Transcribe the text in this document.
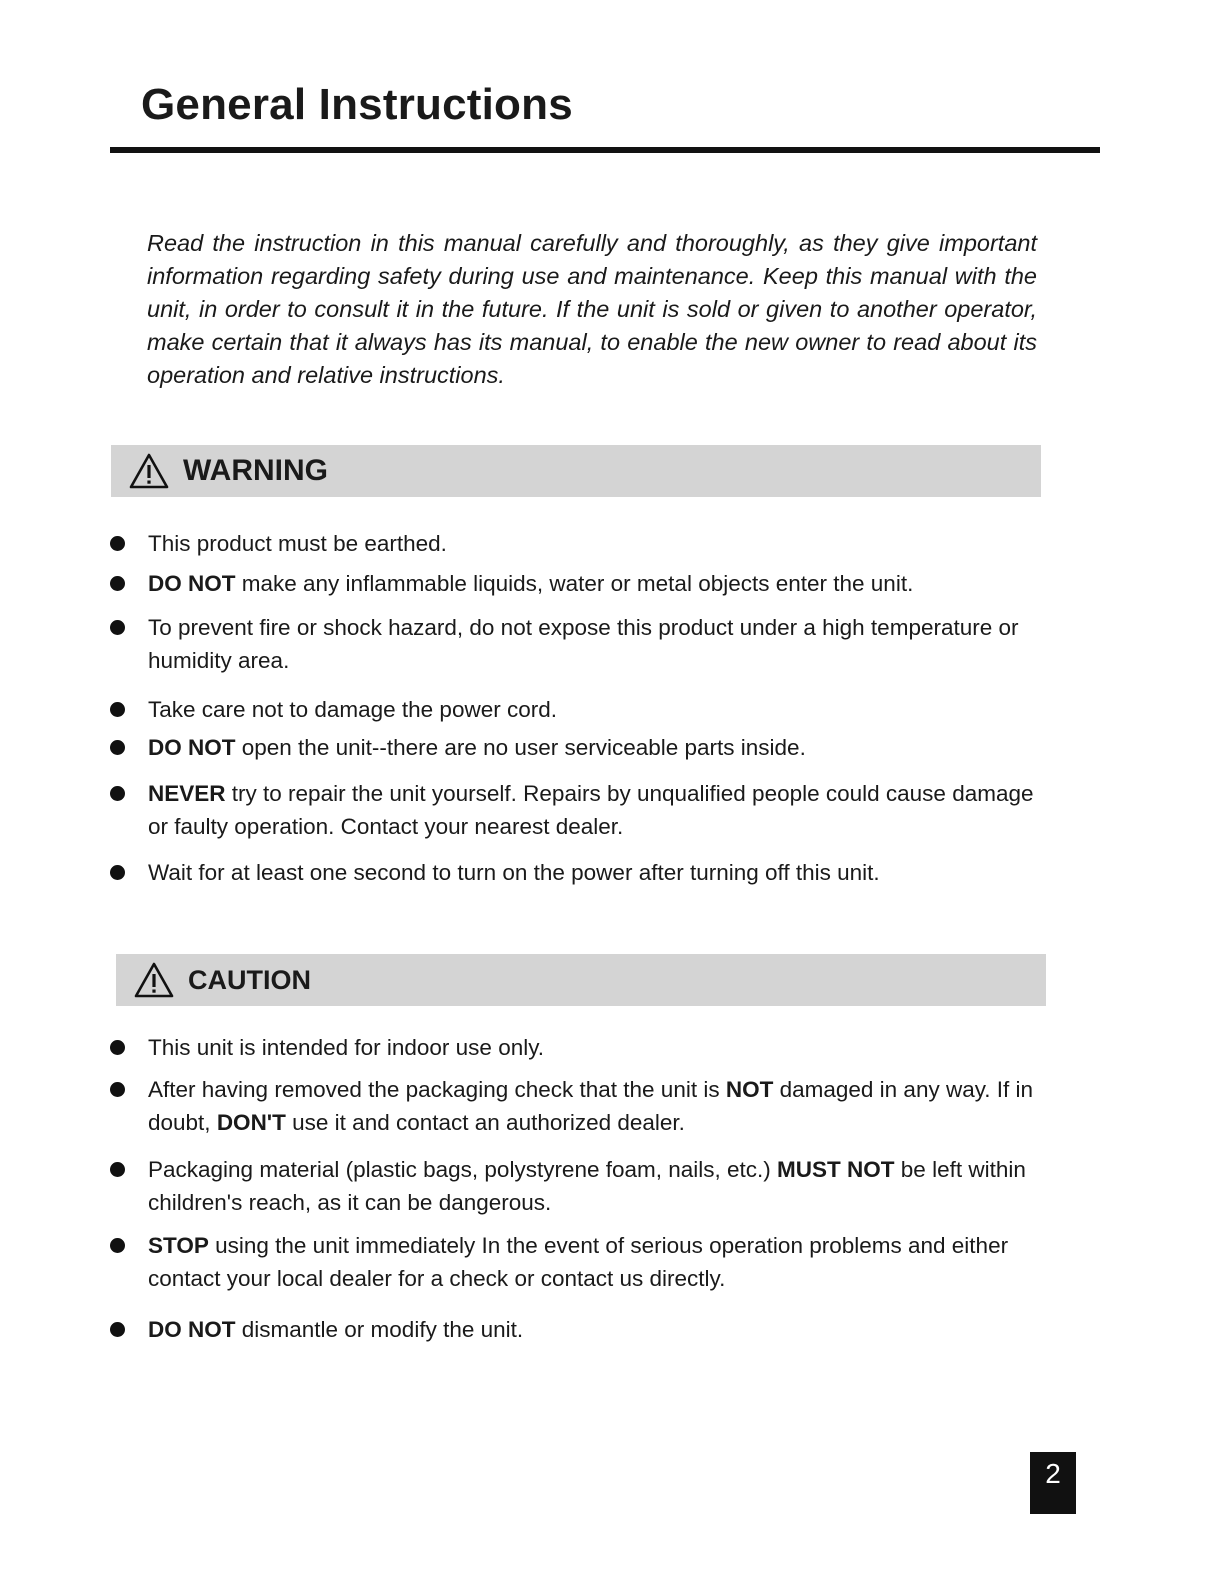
General Instructions

Read the instruction in this manual carefully and thoroughly, as they give important information regarding safety during use and maintenance. Keep this manual with the unit, in order to consult it in the future. If the unit is sold or given to another operator, make certain that it always has its manual, to enable the new owner to read about its operation and relative instructions.

WARNING

This product must be earthed.

DO NOT make any inflammable liquids, water or metal objects enter the unit.

To prevent fire or shock hazard, do not expose this product under a high temperature or humidity area.

Take care not to damage the power cord.

DO NOT open the unit--there are no user serviceable parts inside.

NEVER try to repair the unit yourself. Repairs by unqualified people could cause damage or faulty operation. Contact your nearest dealer.

Wait for at least one second to turn on the power after turning off this unit.

CAUTION

This unit is intended for indoor use only.

After having removed the packaging check that the unit is NOT damaged in any way. If in doubt, DON'T use it and contact an authorized dealer.

Packaging material (plastic bags, polystyrene foam, nails, etc.) MUST NOT be left within children's reach, as it can be dangerous.

STOP using the unit immediately In the event of serious operation problems and either contact your local dealer for a check or contact us directly.

DO NOT dismantle or modify the unit.

2
